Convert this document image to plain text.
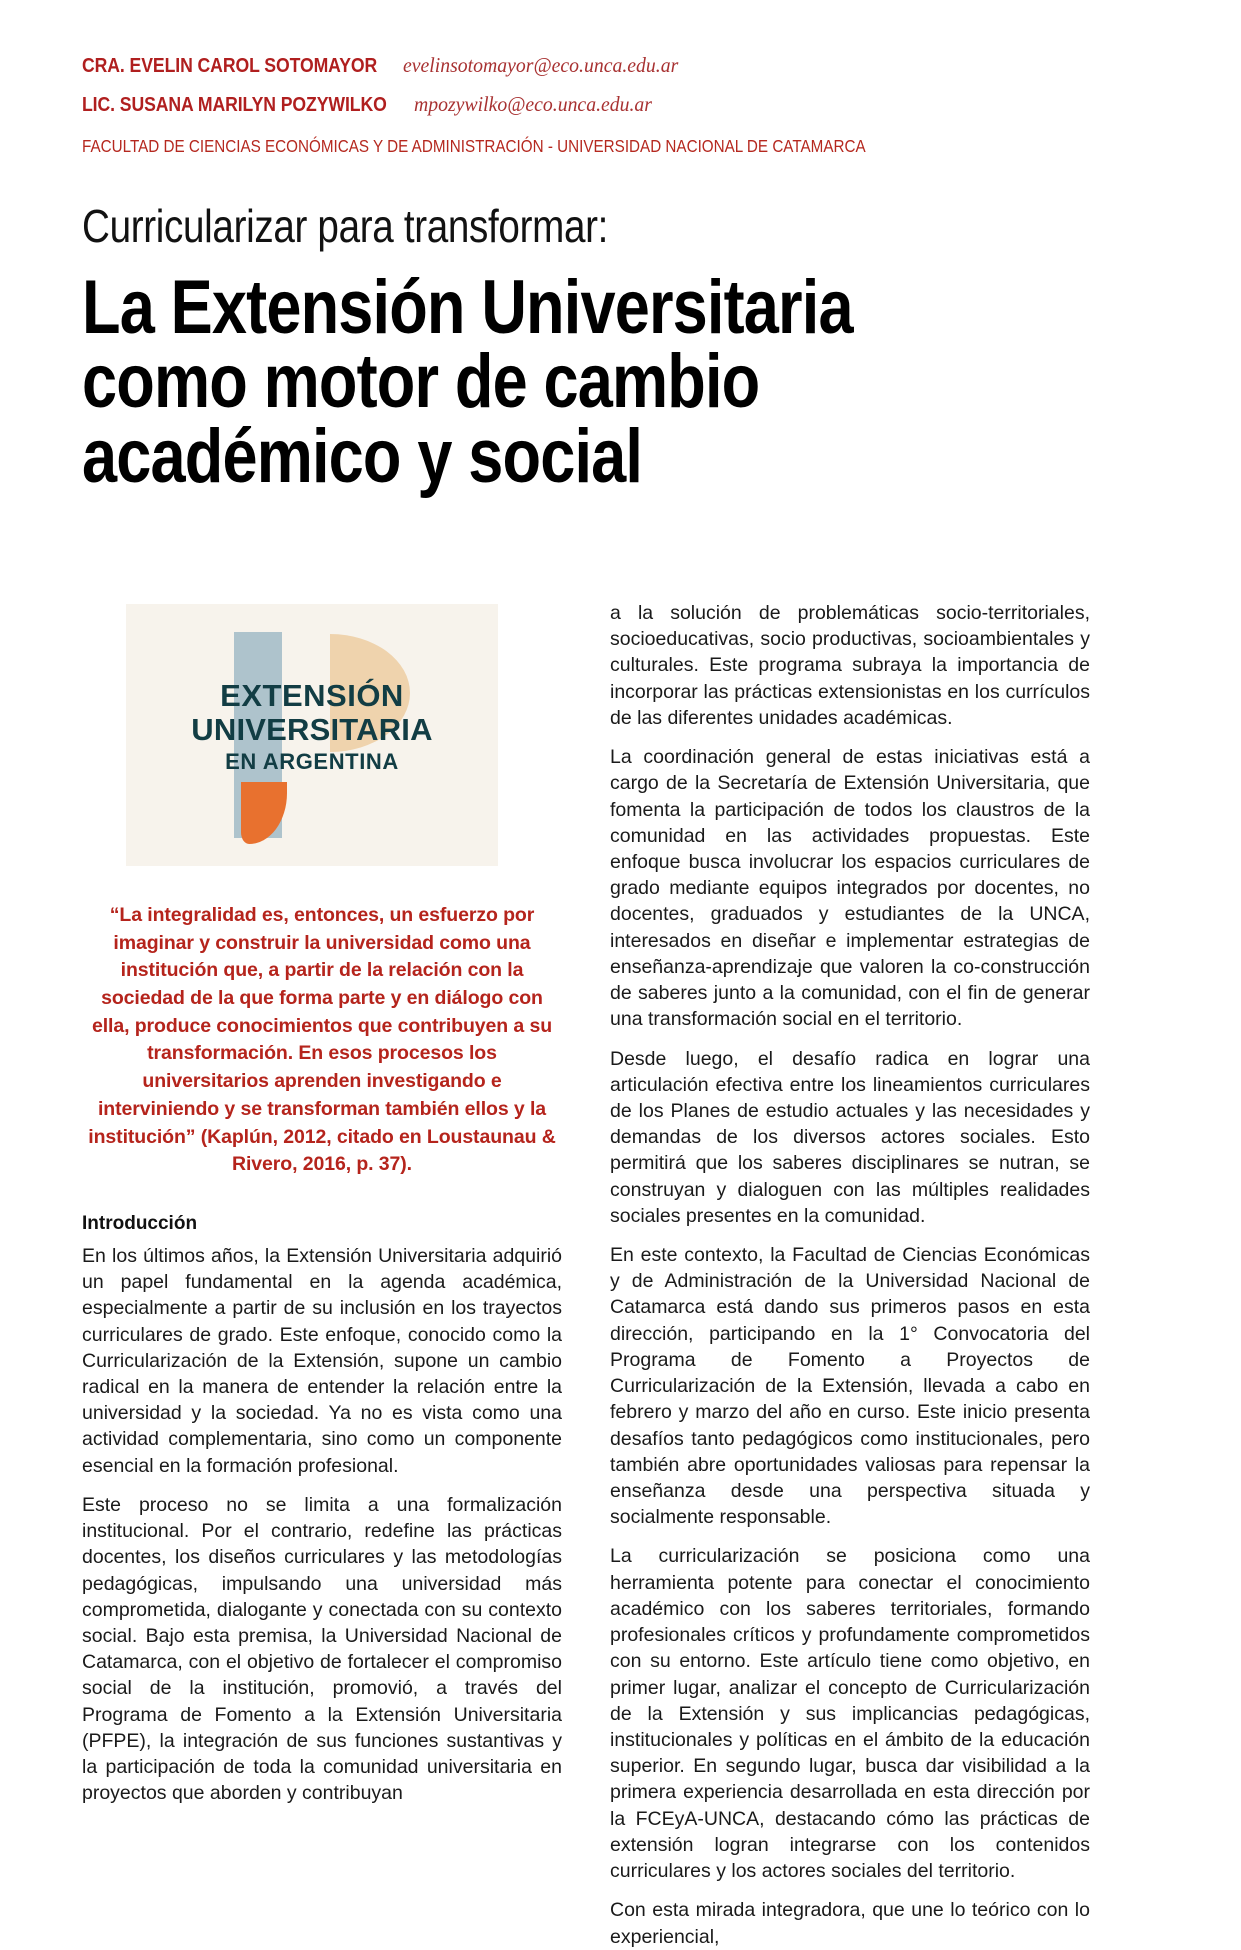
CRA. EVELIN CAROL SOTOMAYOR evelinsotomayor@eco.unca.edu.ar
LIC. SUSANA MARILYN POZYWILKO mpozywilko@eco.unca.edu.ar
FACULTAD DE CIENCIAS ECONÓMICAS Y DE ADMINISTRACIÓN - UNIVERSIDAD NACIONAL DE CATAMARCA
Curricularizar para transformar:
La Extensión Universitaria
como motor de cambio
académico y social
EXTENSIÓN
UNIVERSITARIA
EN ARGENTINA
“La integralidad es, entonces, un esfuerzo por imaginar y construir la universidad como una institución que, a partir de la relación con la sociedad de la que forma parte y en diálogo con ella, produce conocimientos que contribuyen a su transformación. En esos procesos los universitarios aprenden investigando e interviniendo y se transforman también ellos y la institución” (Kaplún, 2012, citado en Loustaunau & Rivero, 2016, p. 37).
Introducción

En los últimos años, la Extensión Universitaria adquirió un papel fundamental en la agenda académica, especialmente a partir de su inclusión en los trayectos curriculares de grado. Este enfoque, conocido como la Curricularización de la Extensión, supone un cambio radical en la manera de entender la relación entre la universidad y la sociedad. Ya no es vista como una actividad complementaria, sino como un componente esencial en la formación profesional.

Este proceso no se limita a una formalización institucional. Por el contrario, redefine las prácticas docentes, los diseños curriculares y las metodologías pedagógicas, impulsando una universidad más comprometida, dialogante y conectada con su contexto social. Bajo esta premisa, la Universidad Nacional de Catamarca, con el objetivo de fortalecer el compromiso social de la institución, promovió, a través del Programa de Fomento a la Extensión Universitaria (PFPE), la integración de sus funciones sustantivas y la participación de toda la comunidad universitaria en proyectos que aborden y contribuyan

a la solución de problemáticas socio-territoriales, socioeducativas, socio productivas, socioambientales y culturales. Este programa subraya la importancia de incorporar las prácticas extensionistas en los currículos de las diferentes unidades académicas.

La coordinación general de estas iniciativas está a cargo de la Secretaría de Extensión Universitaria, que fomenta la participación de todos los claustros de la comunidad en las actividades propuestas. Este enfoque busca involucrar los espacios curriculares de grado mediante equipos integrados por docentes, no docentes, graduados y estudiantes de la UNCA, interesados en diseñar e implementar estrategias de enseñanza-aprendizaje que valoren la co-construcción de saberes junto a la comunidad, con el fin de generar una transformación social en el territorio.

Desde luego, el desafío radica en lograr una articulación efectiva entre los lineamientos curriculares de los Planes de estudio actuales y las necesidades y demandas de los diversos actores sociales. Esto permitirá que los saberes disciplinares se nutran, se construyan y dialoguen con las múltiples realidades sociales presentes en la comunidad.

En este contexto, la Facultad de Ciencias Económicas y de Administración de la Universidad Nacional de Catamarca está dando sus primeros pasos en esta dirección, participando en la 1° Convocatoria del Programa de Fomento a Proyectos de Curricularización de la Extensión, llevada a cabo en febrero y marzo del año en curso. Este inicio presenta desafíos tanto pedagógicos como institucionales, pero también abre oportunidades valiosas para repensar la enseñanza desde una perspectiva situada y socialmente responsable.

La curricularización se posiciona como una herramienta potente para conectar el conocimiento académico con los saberes territoriales, formando profesionales críticos y profundamente comprometidos con su entorno. Este artículo tiene como objetivo, en primer lugar, analizar el concepto de Curricularización de la Extensión y sus implicancias pedagógicas, institucionales y políticas en el ámbito de la educación superior. En segundo lugar, busca dar visibilidad a la primera experiencia desarrollada en esta dirección por la FCEyA-UNCA, destacando cómo las prácticas de extensión logran integrarse con los contenidos curriculares y los actores sociales del territorio.

Con esta mirada integradora, que une lo teórico con lo experiencial,
